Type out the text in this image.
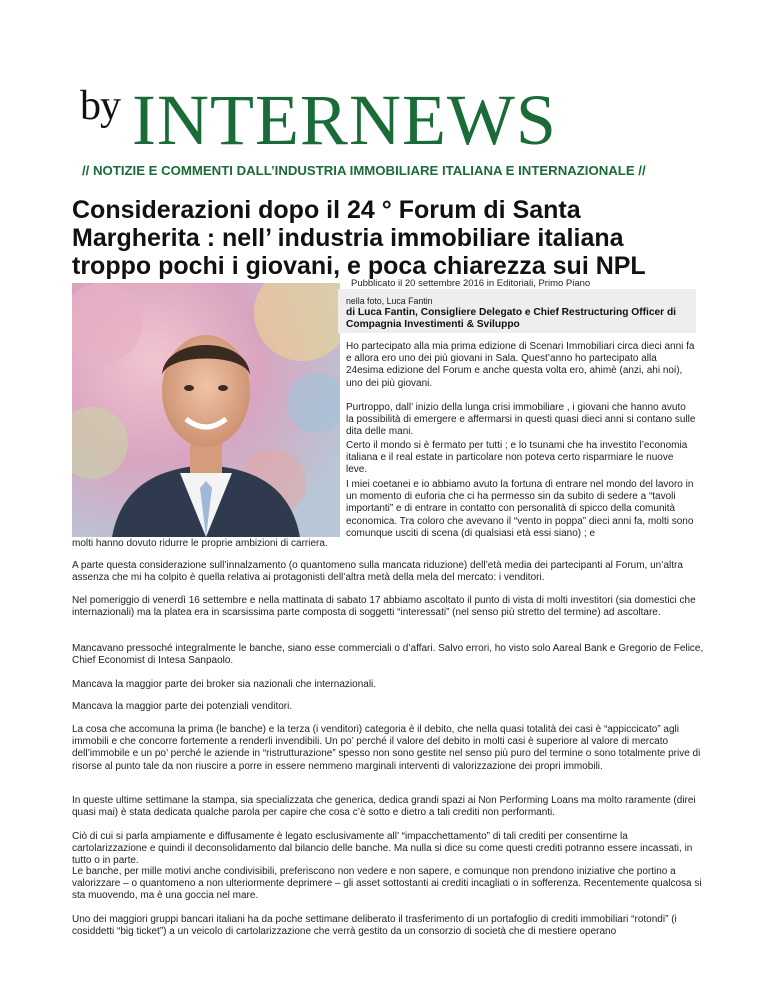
by INTERNEWS
// NOTIZIE E COMMENTI DALL’INDUSTRIA IMMOBILIARE ITALIANA E INTERNAZIONALE //
Considerazioni dopo il 24 ° Forum di Santa Margherita : nell’ industria immobiliare italiana troppo pochi i giovani, e poca chiarezza sui NPL
Pubblicato il 20 settembre 2016 in Editoriali, Primo Piano
nella foto, Luca Fantin

di Luca Fantin, Consigliere Delegato e Chief Restructuring Officer di Compagnia Investimenti & Sviluppo

Ho partecipato alla mia prima edizione di Scenari Immobiliari circa dieci anni fa e allora ero uno dei più giovani in Sala. Quest’anno ho partecipato alla 24esima edizione del Forum e anche questa volta ero, ahimè (anzi, ahi noi), uno dei più giovani.

Purtroppo, dall’ inizio della lunga crisi immobiliare , i giovani che hanno avuto la possibilità di emergere e affermarsi in questi quasi dieci anni si contano sulle dita delle mani.

Certo il mondo si è fermato per tutti ; e lo tsunami che ha investito l’economia italiana e il real estate in particolare non poteva certo risparmiare le nuove leve.

I miei coetanei e io abbiamo avuto la fortuna di entrare nel mondo del lavoro in un momento di euforia che ci ha permesso sin da subito di sedere a “tavoli importanti” e di entrare in contatto con personalità di spicco della comunità economica. Tra coloro che avevano il “vento in poppa” dieci anni fa, molti sono comunque usciti di scena (di qualsiasi età essi siano) ; e

molti hanno dovuto ridurre le proprie ambizioni di carriera.

A parte questa considerazione sull’innalzamento (o quantomeno sulla mancata riduzione) dell’età media dei partecipanti al Forum, un’altra assenza che mi ha colpito è quella relativa ai protagonisti dell’altra metà della mela del mercato: i venditori.

Nel pomeriggio di venerdì 16 settembre e nella mattinata di sabato 17 abbiamo ascoltato il punto di vista di molti investitori (sia domestici che internazionali) ma la platea era in scarsissima parte composta di soggetti “interessati” (nel senso più stretto del termine) ad ascoltare.

Mancavano pressoché integralmente le banche, siano esse commerciali o d’affari. Salvo errori, ho visto solo Aareal Bank e Gregorio de Felice, Chief Economist di Intesa Sanpaolo.

Mancava la maggior parte dei broker sia nazionali che internazionali.

Mancava la maggior parte dei potenziali venditori.

La cosa che accomuna la prima (le banche) e la terza (i venditori) categoria è il debito, che nella quasi totalità dei casi è “appiccicato” agli immobili e che concorre fortemente a renderli invendibili. Un po’ perché il valore del debito in molti casi è superiore al valore di mercato dell’immobile e un po’ perché le aziende in “ristrutturazione” spesso non sono gestite nel senso più puro del termine o sono totalmente prive di risorse al punto tale da non riuscire a porre in essere nemmeno marginali interventi di valorizzazione dei propri immobili.

In queste ultime settimane la stampa, sia specializzata che generica, dedica grandi spazi ai Non Performing Loans ma molto raramente (direi quasi mai) è stata dedicata qualche parola per capire che cosa c’è sotto e dietro a tali crediti non performanti.

Ciò di cui si parla ampiamente e diffusamente è legato esclusivamente all’ “impacchettamento” di tali crediti per consentirne la cartolarizzazione e quindi il deconsolidamento dal bilancio delle banche. Ma nulla si dice su come questi crediti potranno essere incassati, in tutto o in parte.

Le banche, per mille motivi anche condivisibili, preferiscono non vedere e non sapere, e comunque non prendono iniziative che portino a valorizzare – o quantomeno a non ulteriormente deprimere – gli asset sottostanti ai crediti incagliati o in sofferenza. Recentemente qualcosa si sta muovendo, ma è una goccia nel mare.

Uno dei maggiori gruppi bancari italiani ha da poche settimane deliberato il trasferimento di un portafoglio di crediti immobiliari “rotondi” (i cosiddetti “big ticket”) a un veicolo di cartolarizzazione che verrà gestito da un consorzio di società che di mestiere operano
